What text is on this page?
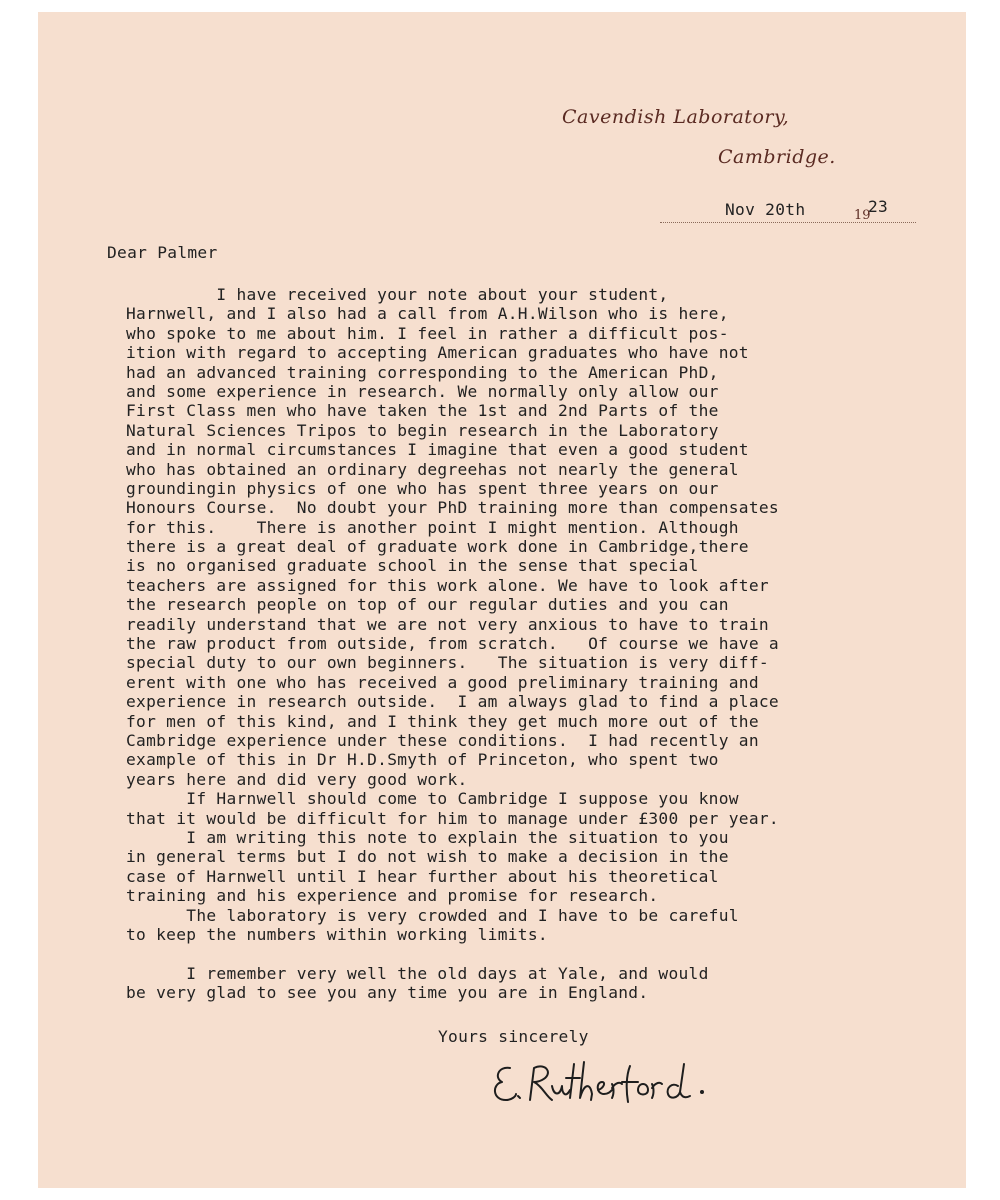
Cavendish Laboratory,
Cambridge.
Nov 20th	19
23
Dear Palmer
I have received your note about your student,
Harnwell, and I also had a call from A.H.Wilson who is here,
who spoke to me about him. I feel in rather a difficult pos-
ition with regard to accepting American graduates who have not
had an advanced training corresponding to the American PhD,
and some experience in research. We normally only allow our
First Class men who have taken the 1st and 2nd Parts of the
Natural Sciences Tripos to begin research in the Laboratory
and in normal circumstances I imagine that even a good student
who has obtained an ordinary degreehas not nearly the general
groundingin physics of one who has spent three years on our
Honours Course.  No doubt your PhD training more than compensates
for this.    There is another point I might mention. Although
there is a great deal of graduate work done in Cambridge,there
is no organised graduate school in the sense that special
teachers are assigned for this work alone. We have to look after
the research people on top of our regular duties and you can
readily understand that we are not very anxious to have to train
the raw product from outside, from scratch.   Of course we have a
special duty to our own beginners.   The situation is very diff-
erent with one who has received a good preliminary training and
experience in research outside.  I am always glad to find a place
for men of this kind, and I think they get much more out of the
Cambridge experience under these conditions.  I had recently an
example of this in Dr H.D.Smyth of Princeton, who spent two
years here and did very good work.
If Harnwell should come to Cambridge I suppose you know
that it would be difficult for him to manage under £300 per year.
I am writing this note to explain the situation to you
in general terms but I do not wish to make a decision in the
case of Harnwell until I hear further about his theoretical
training and his experience and promise for research.
The laboratory is very crowded and I have to be careful
to keep the numbers within working limits.
I remember very well the old days at Yale, and would
be very glad to see you any time you are in England.
Yours sincerely
